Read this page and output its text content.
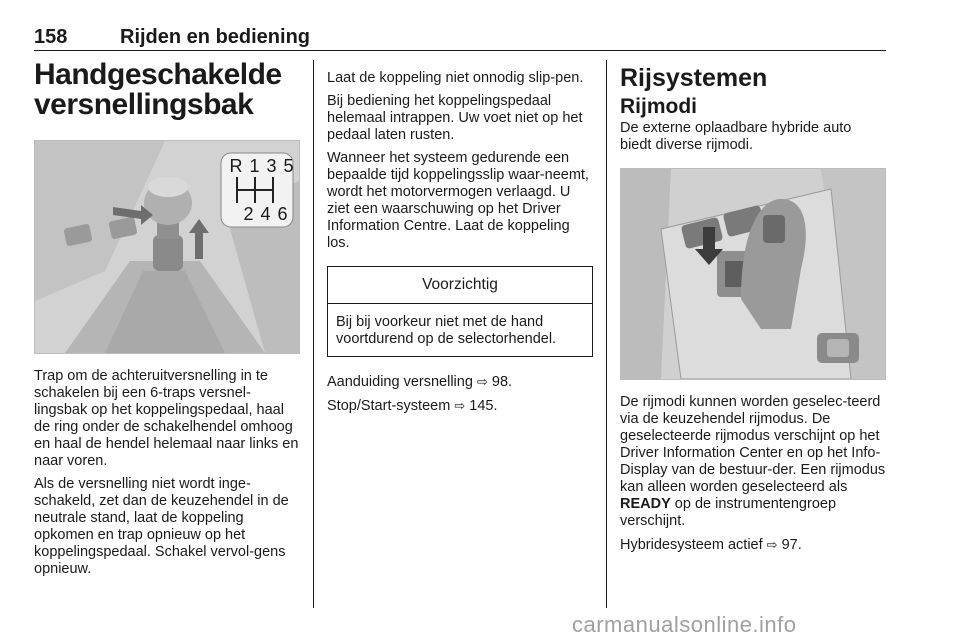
158	Rijden en bediening
Handgeschakelde versnellingsbak
R 1 3 5
2 4 6

Trap om de achteruitversnelling in te schakelen bij een 6-traps versnel-lingsbak op het koppelingspedaal, haal de ring onder de schakelhendel omhoog en haal de hendel helemaal naar links en naar voren.

Als de versnelling niet wordt inge-schakeld, zet dan de keuzehendel in de neutrale stand, laat de koppeling opkomen en trap opnieuw op het koppelingspedaal. Schakel vervol-gens opnieuw.

Laat de koppeling niet onnodig slip-pen.

Bij bediening het koppelingspedaal helemaal intrappen. Uw voet niet op het pedaal laten rusten.

Wanneer het systeem gedurende een bepaalde tijd koppelingsslip waar-neemt, wordt het motorvermogen verlaagd. U ziet een waarschuwing op het Driver Information Centre. Laat de koppeling los.

Voorzichtig
Bij bij voorkeur niet met de hand voortdurend op de selectorhendel.

Aanduiding versnelling ⇨ 98.

Stop/Start-systeem ⇨ 145.

Rijsystemen
Rijmodi

De externe oplaadbare hybride auto biedt diverse rijmodi.

De rijmodi kunnen worden geselec-teerd via de keuzehendel rijmodus. De geselecteerde rijmodus verschijnt op het Driver Information Center en op het Info-Display van de bestuur-der. Een rijmodus kan alleen worden geselecteerd als READY op de instrumentengroep verschijnt.

Hybridesysteem actief ⇨ 97.

carmanualsonline.info
